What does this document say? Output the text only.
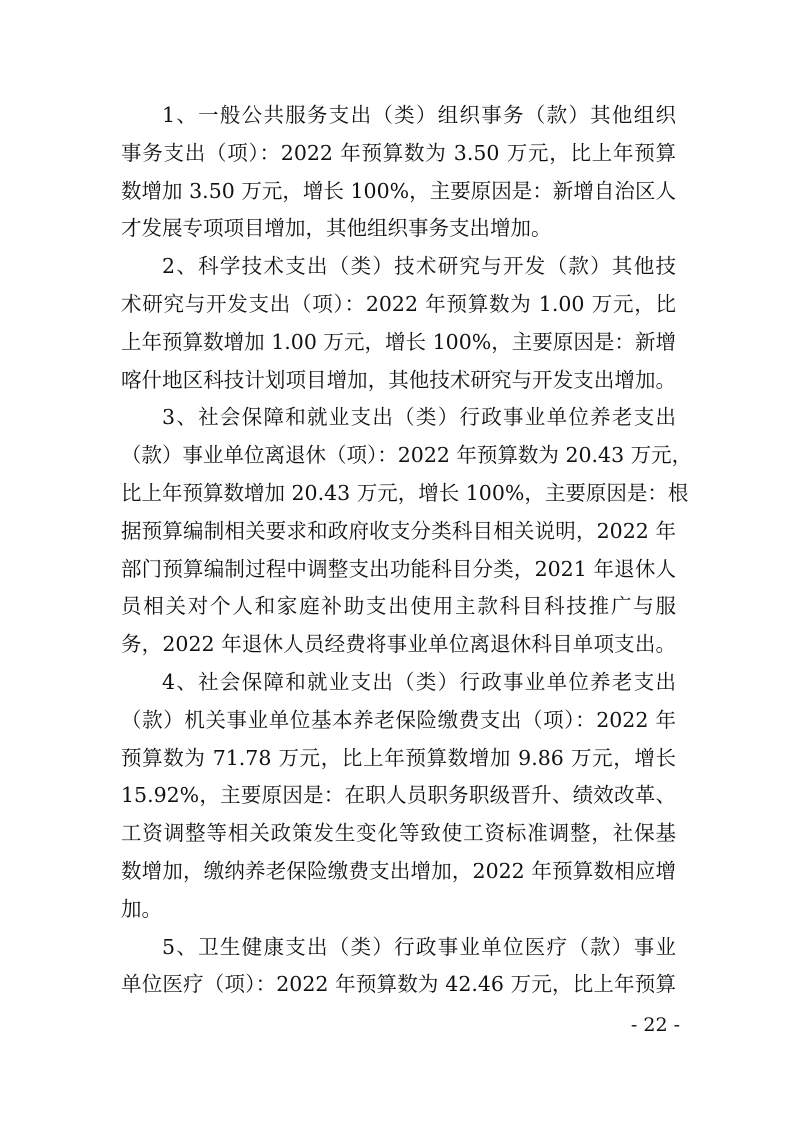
1、一般公共服务支出（类）组织事务（款）其他组织
事务支出（项）：2022 年预算数为 3.50 万元，比上年预算
数增加 3.50 万元，增长 100%，主要原因是：新增自治区人
才发展专项项目增加，其他组织事务支出增加。
2、科学技术支出（类）技术研究与开发（款）其他技
术研究与开发支出（项）：2022 年预算数为 1.00 万元，比
上年预算数增加 1.00 万元，增长 100%，主要原因是：新增
喀什地区科技计划项目增加，其他技术研究与开发支出增加。
3、社会保障和就业支出（类）行政事业单位养老支出
（款）事业单位离退休（项）：2022 年预算数为 20.43 万元，
比上年预算数增加 20.43 万元，增长 100%，主要原因是：根
据预算编制相关要求和政府收支分类科目相关说明，2022 年
部门预算编制过程中调整支出功能科目分类，2021 年退休人
员相关对个人和家庭补助支出使用主款科目科技推广与服
务，2022 年退休人员经费将事业单位离退休科目单项支出。
4、社会保障和就业支出（类）行政事业单位养老支出
（款）机关事业单位基本养老保险缴费支出（项）：2022 年
预算数为 71.78 万元，比上年预算数增加 9.86 万元，增长
15.92%，主要原因是：在职人员职务职级晋升、绩效改革、
工资调整等相关政策发生变化等致使工资标准调整，社保基
数增加，缴纳养老保险缴费支出增加，2022 年预算数相应增
加。
5、卫生健康支出（类）行政事业单位医疗（款）事业
单位医疗（项）：2022 年预算数为 42.46 万元，比上年预算
- 22 -
